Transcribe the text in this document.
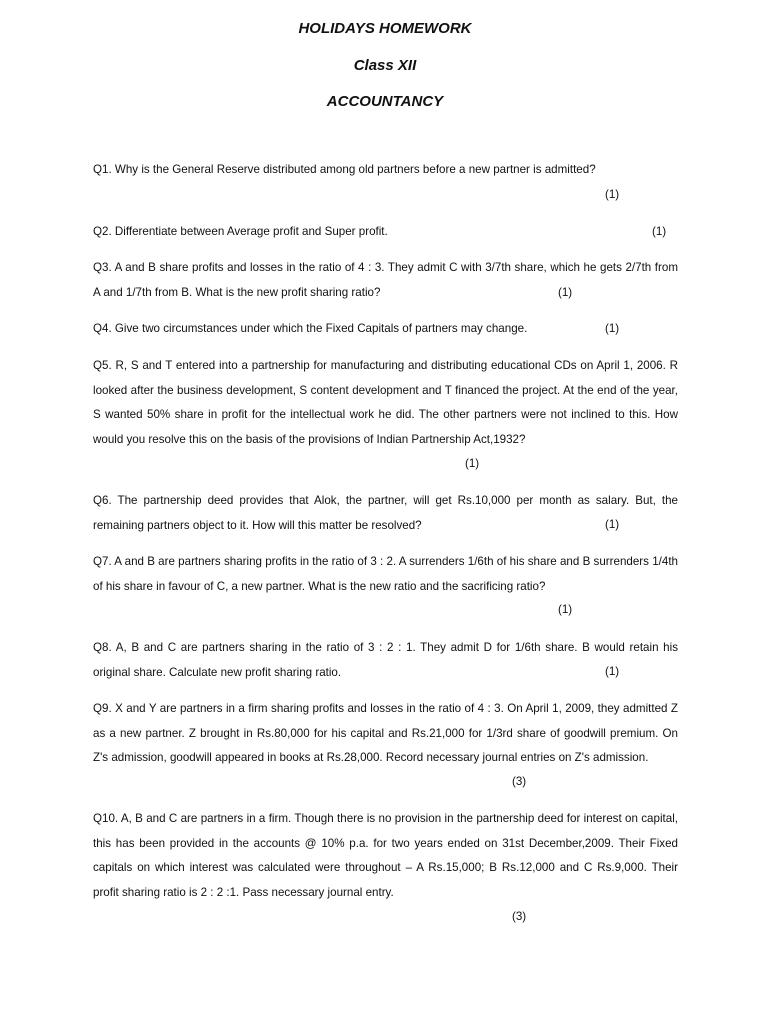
HOLIDAYS HOMEWORK
Class XII
ACCOUNTANCY
Q1. Why is the General Reserve distributed among old partners before a new partner is admitted?
(1)
Q2. Differentiate between Average profit and Super profit.	(1)
Q3. A and B share profits and losses in the ratio of 4 : 3. They admit C with 3/7th share, which he gets 2/7th from A and 1/7th from B. What is the new profit sharing ratio?	(1)
Q4. Give two circumstances under which the Fixed Capitals of partners may change.	(1)
Q5. R, S and T entered into a partnership for manufacturing and distributing educational CDs on April 1, 2006. R looked after the business development, S content development and T financed the project. At the end of the year, S wanted 50% share in profit for the intellectual work he did. The other partners were not inclined to this. How would you resolve this on the basis of the provisions of Indian Partnership Act,1932?
(1)
Q6. The partnership deed provides that Alok, the partner, will get Rs.10,000 per month as salary. But, the remaining partners object to it. How will this matter be resolved?	(1)
Q7. A and B are partners sharing profits in the ratio of 3 : 2. A surrenders 1/6th of his share and B surrenders 1/4th of his share in favour of C, a new partner. What is the new ratio and the sacrificing ratio?
(1)
Q8. A, B and C are partners sharing in the ratio of 3 : 2 : 1. They admit D for 1/6th share. B would retain his original share. Calculate new profit sharing ratio.	(1)
Q9. X and Y are partners in a firm sharing profits and losses in the ratio of 4 : 3. On April 1, 2009, they admitted Z as a new partner. Z brought in Rs.80,000 for his capital and Rs.21,000 for 1/3rd share of goodwill premium. On Z's admission, goodwill appeared in books at Rs.28,000. Record necessary journal entries on Z's admission.
(3)
Q10. A, B and C are partners in a firm. Though there is no provision in the partnership deed for interest on capital, this has been provided in the accounts @ 10% p.a. for two years ended on 31st December,2009. Their Fixed capitals on which interest was calculated were throughout – A Rs.15,000; B Rs.12,000 and C Rs.9,000. Their profit sharing ratio is 2 : 2 :1. Pass necessary journal entry.
(3)
